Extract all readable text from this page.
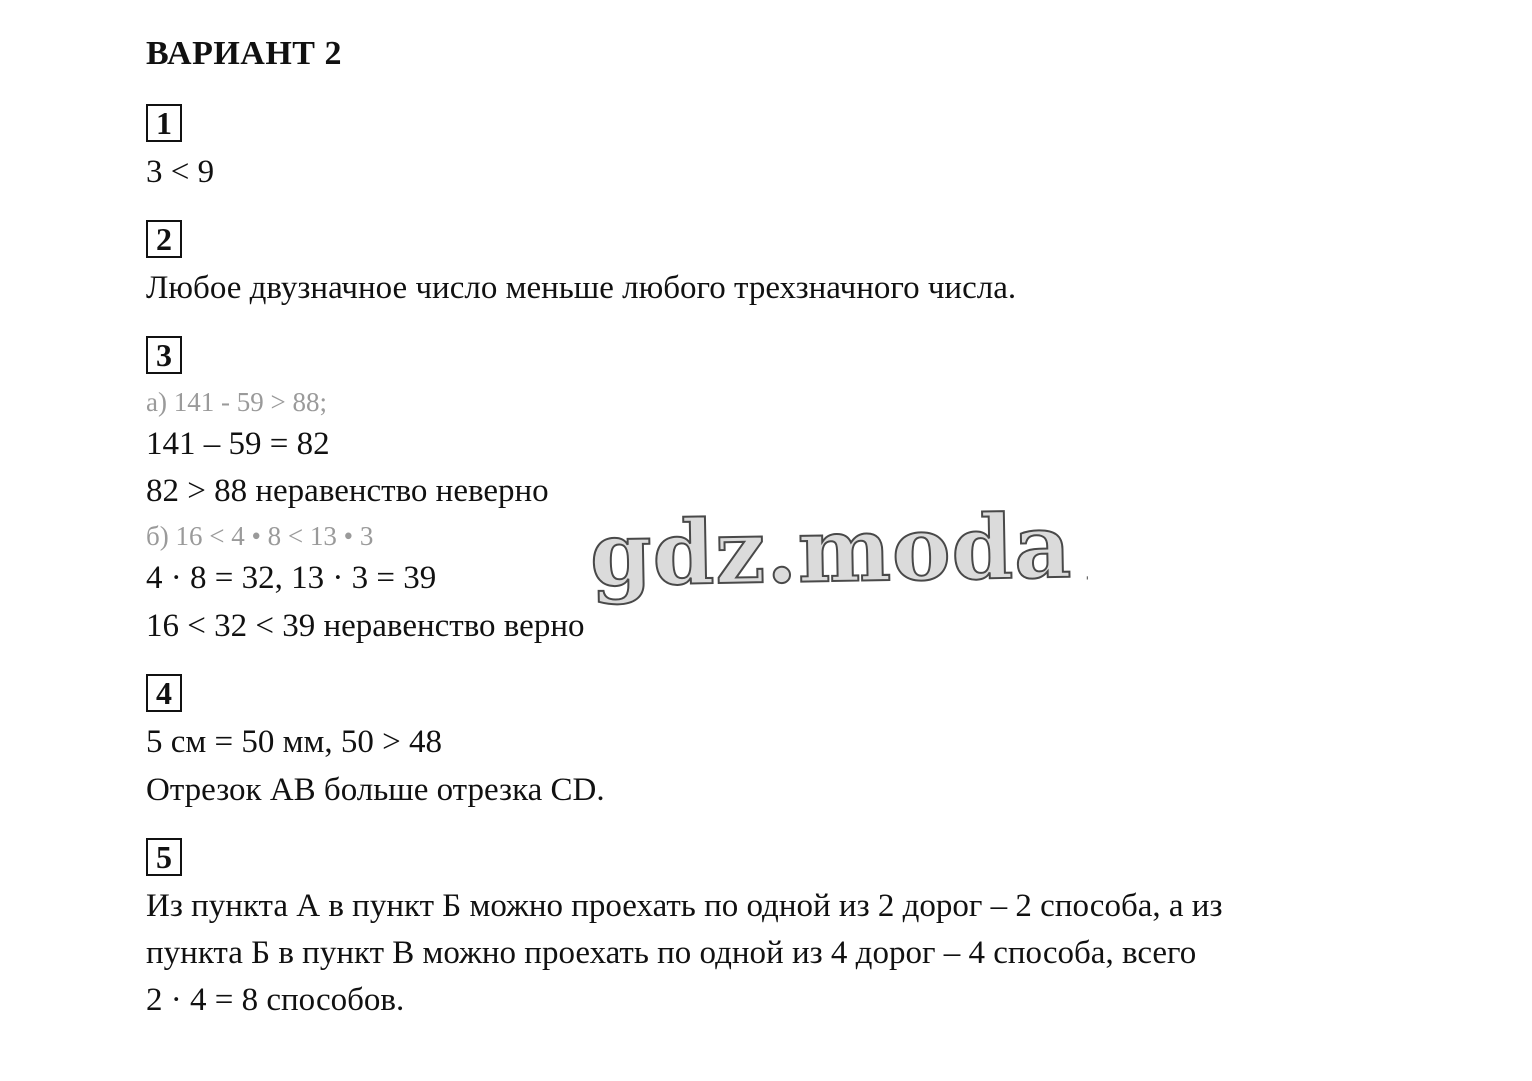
ВАРИАНТ 2
1
3 < 9
2
Любое двузначное число меньше любого трехзначного числа.
3
а) 141 - 59 > 88;
141 – 59 = 82
82 > 88 неравенство неверно
б) 16 < 4 • 8 < 13 • 3
4 · 8 = 32, 13 · 3 = 39
16 < 32 < 39 неравенство верно
4
5 см = 50 мм, 50 > 48
Отрезок АВ больше отрезка CD.
5
Из пункта А в пункт Б можно проехать по одной из 2 дорог – 2 способа, а из
пункта Б в пункт В можно проехать по одной из 4 дорог – 4 способа, всего
2 · 4 = 8 способов.
gdz.moda ˌ
